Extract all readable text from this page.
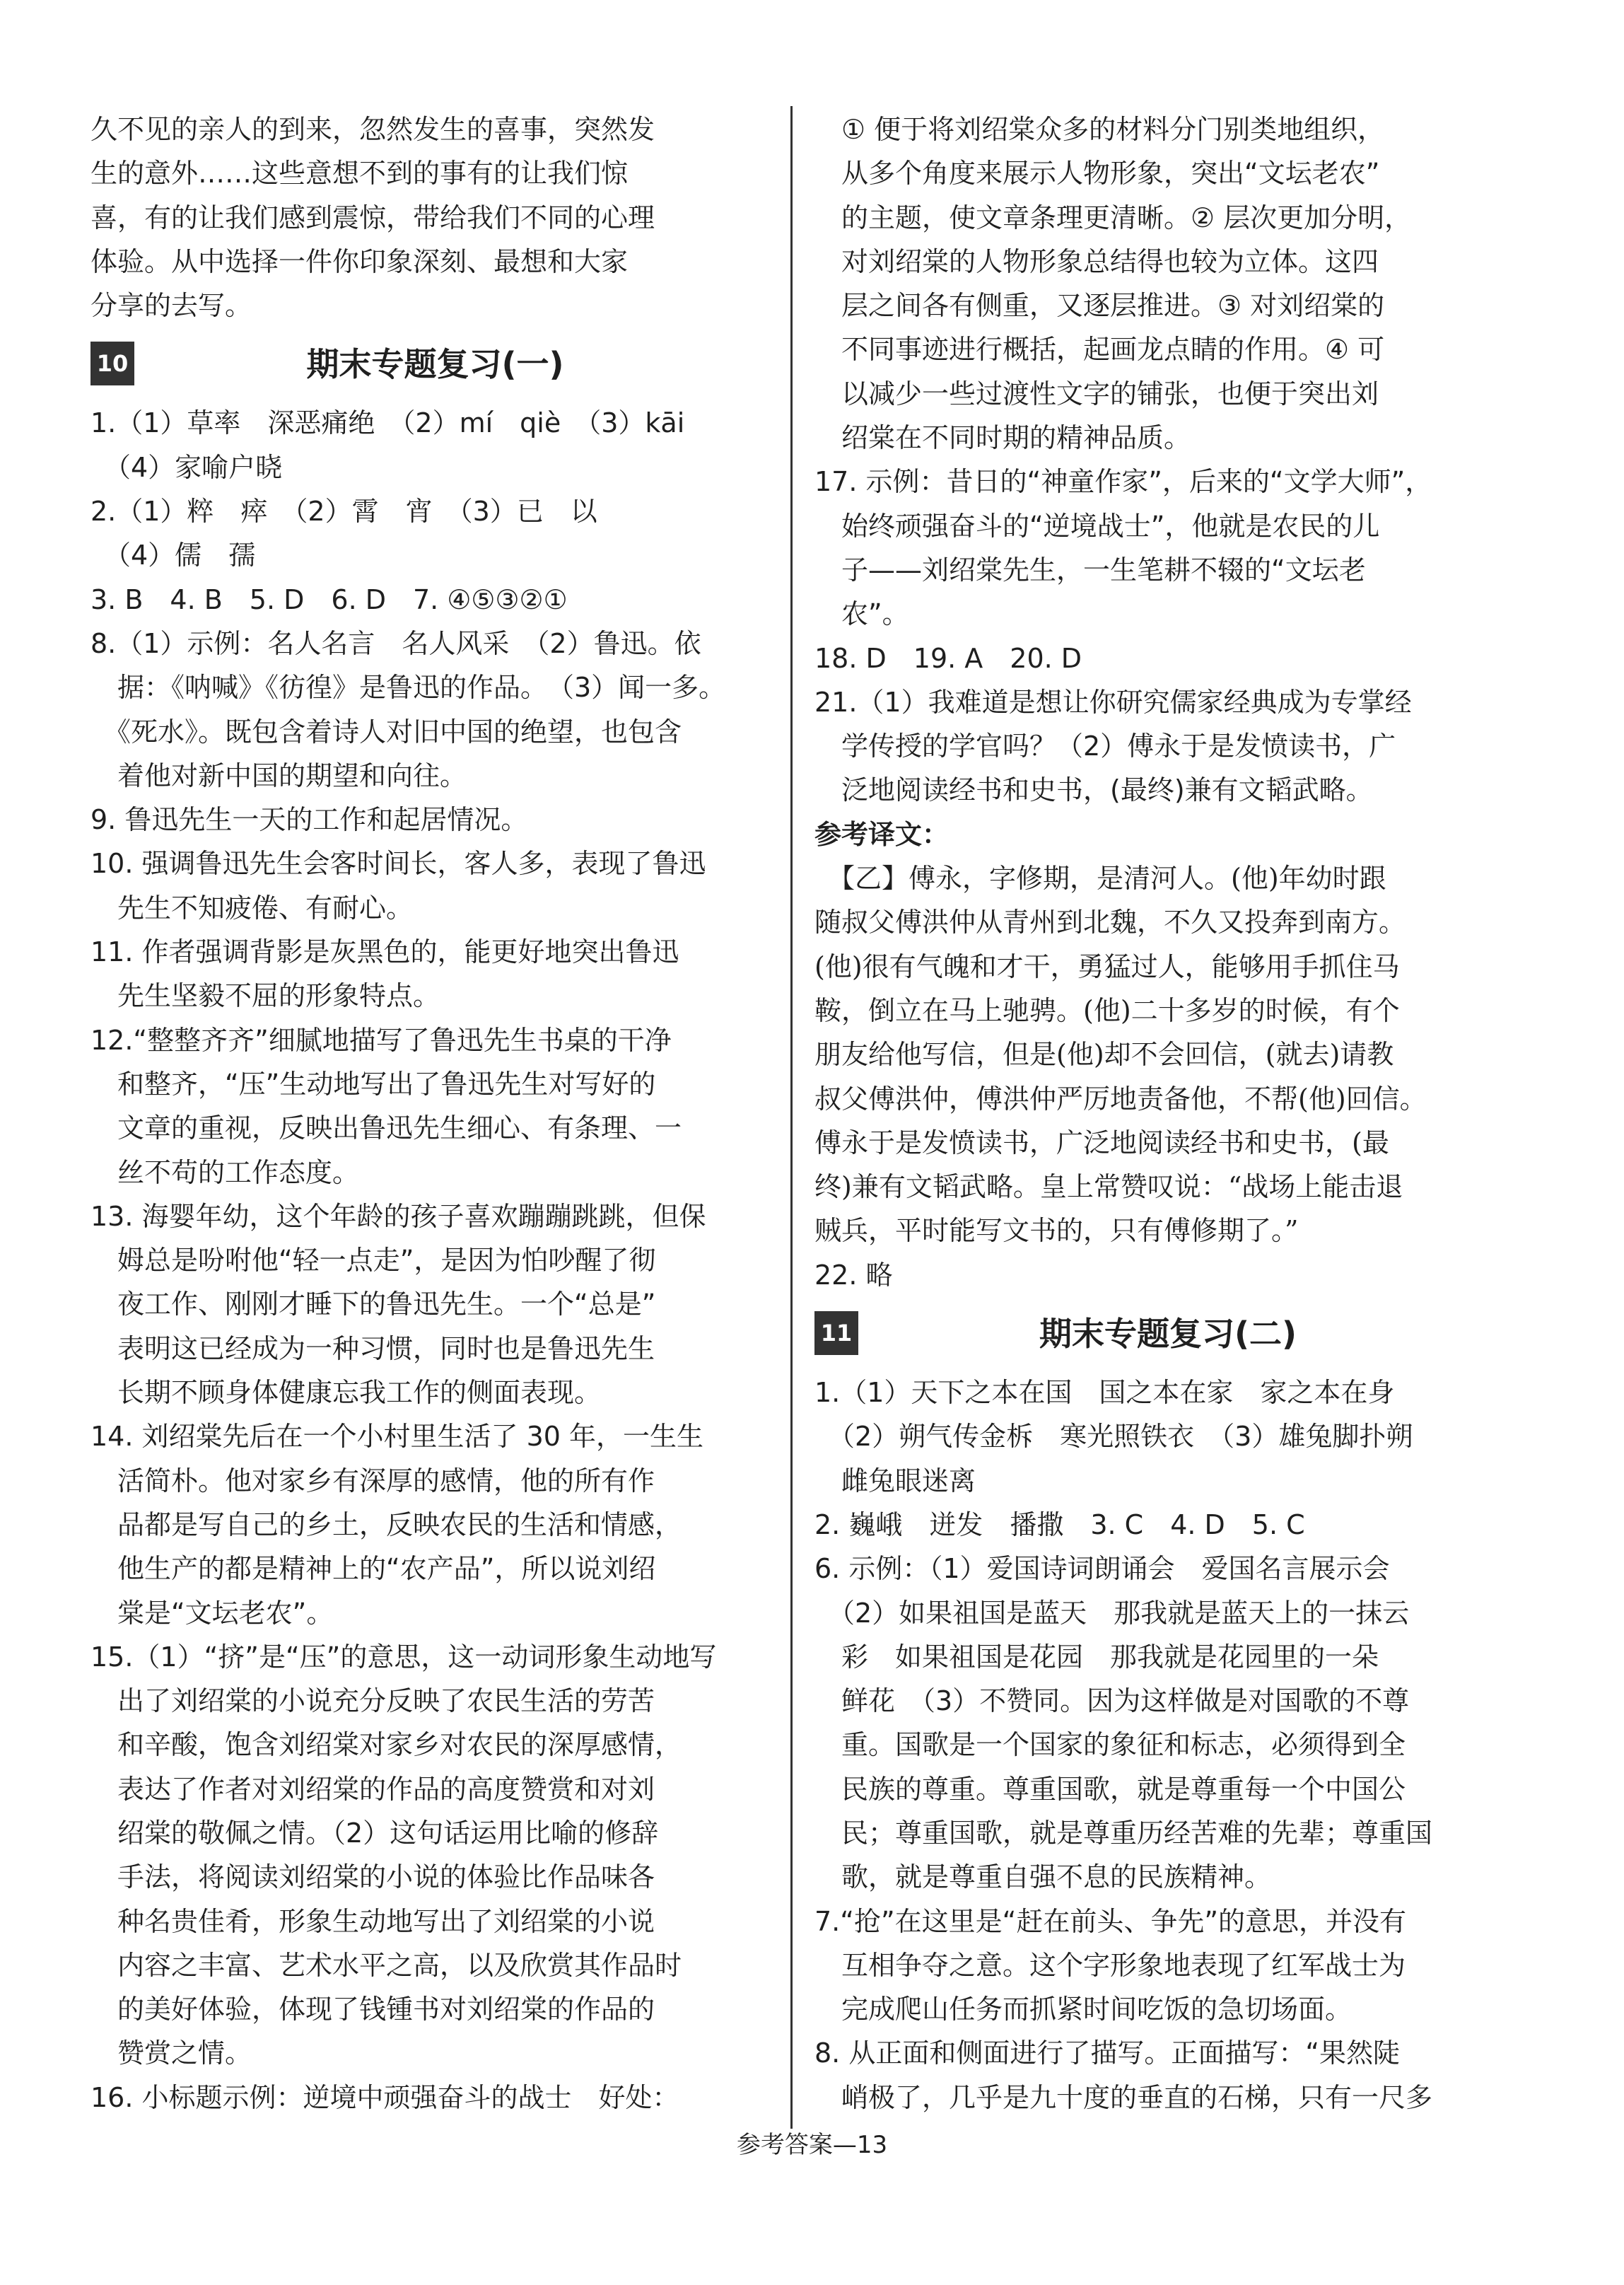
久不见的亲人的到来，忽然发生的喜事，突然发
生的意外……这些意想不到的事有的让我们惊
喜，有的让我们感到震惊，带给我们不同的心理
体验。从中选择一件你印象深刻、最想和大家
分享的去写。
10	期末专题复习(一)
1.（1）草率　深恶痛绝　（2）mí　qiè　（3）kāi
　（4）家喻户晓
2.（1）粹　瘁　（2）霄　宵　（3）已　以
　（4）儒　孺
3. B　4. B　5. D　6. D　7. ④⑤③②①
8.（1）示例：名人名言　名人风采　（2）鲁迅。依
　据：《呐喊》《彷徨》是鲁迅的作品。　（3）闻一多。
　《死水》。既包含着诗人对旧中国的绝望，也包含
　着他对新中国的期望和向往。
9. 鲁迅先生一天的工作和起居情况。
10. 强调鲁迅先生会客时间长，客人多，表现了鲁迅
　先生不知疲倦、有耐心。
11. 作者强调背影是灰黑色的，能更好地突出鲁迅
　先生坚毅不屈的形象特点。
12.“整整齐齐”细腻地描写了鲁迅先生书桌的干净
　和整齐，“压”生动地写出了鲁迅先生对写好的
　文章的重视，反映出鲁迅先生细心、有条理、一
　丝不苟的工作态度。
13. 海婴年幼，这个年龄的孩子喜欢蹦蹦跳跳，但保
　姆总是吩咐他“轻一点走”，是因为怕吵醒了彻
　夜工作、刚刚才睡下的鲁迅先生。一个“总是”
　表明这已经成为一种习惯，同时也是鲁迅先生
　长期不顾身体健康忘我工作的侧面表现。
14. 刘绍棠先后在一个小村里生活了 30 年，一生生
　活简朴。他对家乡有深厚的感情，他的所有作
　品都是写自己的乡土，反映农民的生活和情感，
　他生产的都是精神上的“农产品”，所以说刘绍
　棠是“文坛老农”。
15.（1）“挤”是“压”的意思，这一动词形象生动地写
　出了刘绍棠的小说充分反映了农民生活的劳苦
　和辛酸，饱含刘绍棠对家乡对农民的深厚感情，
　表达了作者对刘绍棠的作品的高度赞赏和对刘
　绍棠的敬佩之情。（2）这句话运用比喻的修辞
　手法，将阅读刘绍棠的小说的体验比作品味各
　种名贵佳肴，形象生动地写出了刘绍棠的小说
　内容之丰富、艺术水平之高，以及欣赏其作品时
　的美好体验，体现了钱锺书对刘绍棠的作品的
　赞赏之情。
16. 小标题示例：逆境中顽强奋斗的战士　好处：
　① 便于将刘绍棠众多的材料分门别类地组织，
　从多个角度来展示人物形象，突出“文坛老农”
　的主题，使文章条理更清晰。② 层次更加分明，
　对刘绍棠的人物形象总结得也较为立体。这四
　层之间各有侧重，又逐层推进。③ 对刘绍棠的
　不同事迹进行概括，起画龙点睛的作用。④ 可
　以减少一些过渡性文字的铺张，也便于突出刘
　绍棠在不同时期的精神品质。
17. 示例：昔日的“神童作家”，后来的“文学大师”，
　始终顽强奋斗的“逆境战士”，他就是农民的儿
　子——刘绍棠先生，一生笔耕不辍的“文坛老
　农”。
18. D　19. A　20. D
21.（1）我难道是想让你研究儒家经典成为专掌经
　学传授的学官吗？（2）傅永于是发愤读书，广
　泛地阅读经书和史书，(最终)兼有文韬武略。
参考译文：
　【乙】傅永，字修期，是清河人。(他)年幼时跟
随叔父傅洪仲从青州到北魏，不久又投奔到南方。
(他)很有气魄和才干，勇猛过人，能够用手抓住马
鞍，倒立在马上驰骋。(他)二十多岁的时候，有个
朋友给他写信，但是(他)却不会回信，(就去)请教
叔父傅洪仲，傅洪仲严厉地责备他，不帮(他)回信。
傅永于是发愤读书，广泛地阅读经书和史书，(最
终)兼有文韬武略。皇上常赞叹说：“战场上能击退
贼兵，平时能写文书的，只有傅修期了。”
22. 略
11	期末专题复习(二)
1.（1）天下之本在国　国之本在家　家之本在身
　（2）朔气传金柝　寒光照铁衣　（3）雄兔脚扑朔
　雌兔眼迷离
2. 巍峨　迸发　播撒　3. C　4. D　5. C
6. 示例：（1）爱国诗词朗诵会　爱国名言展示会
　（2）如果祖国是蓝天　那我就是蓝天上的一抹云
　彩　如果祖国是花园　那我就是花园里的一朵
　鲜花　（3）不赞同。因为这样做是对国歌的不尊
　重。国歌是一个国家的象征和标志，必须得到全
　民族的尊重。尊重国歌，就是尊重每一个中国公
　民；尊重国歌，就是尊重历经苦难的先辈；尊重国
　歌，就是尊重自强不息的民族精神。
7.“抢”在这里是“赶在前头、争先”的意思，并没有
　互相争夺之意。这个字形象地表现了红军战士为
　完成爬山任务而抓紧时间吃饭的急切场面。
8. 从正面和侧面进行了描写。正面描写：“果然陡
　峭极了，几乎是九十度的垂直的石梯，只有一尺多
参考答案—13
